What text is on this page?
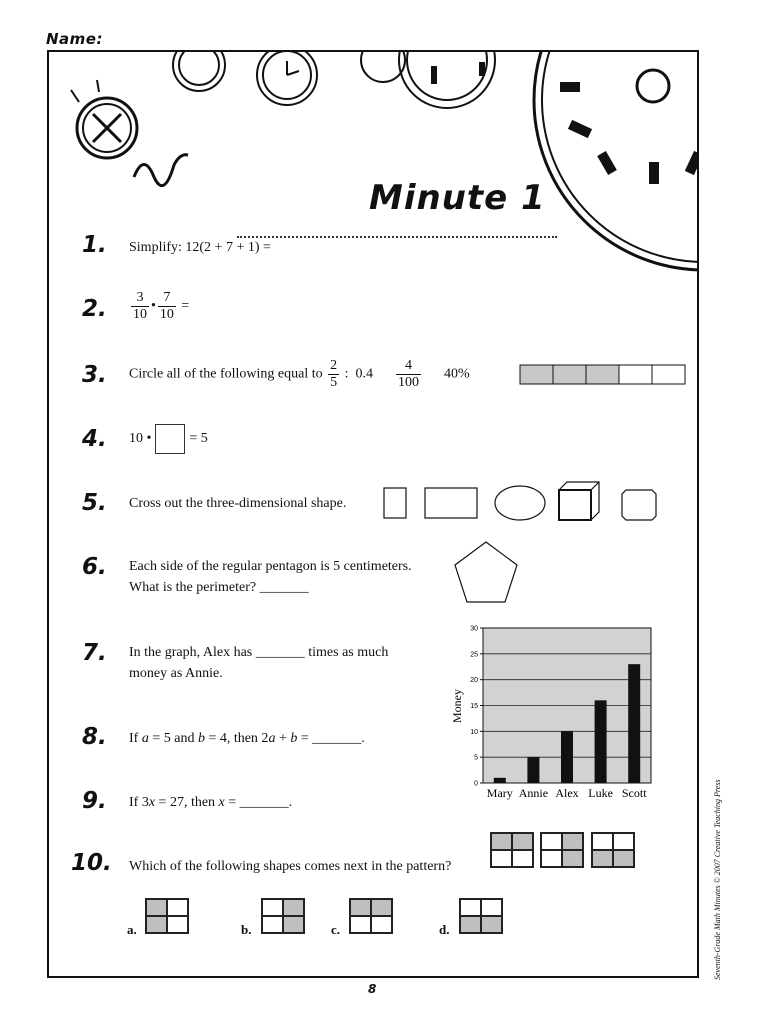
Name:
Minute 1
1. Simplify: 12(2 + 7 + 1) =
2. $\frac{3}{10}$ • $\frac{7}{10}$ =
3. Circle all of the following equal to $\frac{2}{5}$ :  $0.4 \frac{4}{100} 40\%$
4. 10 •	= 5
5. Cross out the three-dimensional shape.
6. Each side of the regular pentagon is 5 centimeters.
What is the perimeter? _______
7. In the graph, Alex has _______ times as much
money as Annie.
0
5
10
15
20
25
30
Mary Annie Alex Luke Scott
Money
8. If a = 5 and b = 4, then 2a + b = _______.
9. If 3x = 27, then x = _______.
10. Which of the following shapes comes next in the pattern?
a.	b.	c.	d.
8
Seventh-Grade Math Minutes © 2007 Creative Teaching Press
